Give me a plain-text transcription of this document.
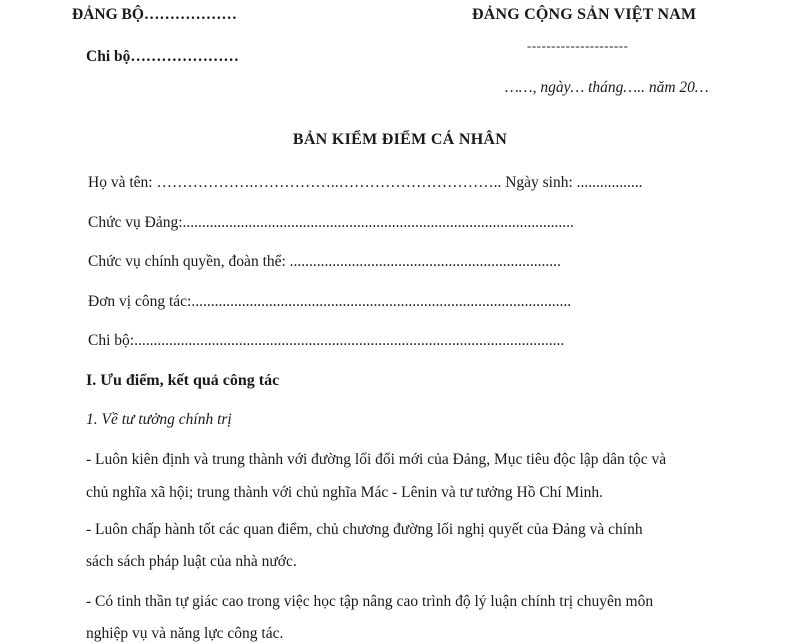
ĐẢNG BỘ………………
Chi bộ…………………
ĐẢNG CỘNG SẢN VIỆT NAM
---------------------
……, ngày… tháng….. năm 20…
BẢN KIỂM ĐIỂM CÁ NHÂN
Họ và tên: ……………….……………..………………………….. Ngày sinh: .................
Chức vụ Đảng:.....................................................................................................
Chức vụ chính quyền, đoàn thể: ......................................................................
Đơn vị công tác:..................................................................................................
Chi bộ:...............................................................................................................
I. Ưu điểm, kết quả công tác
1. Về tư tưởng chính trị
- Luôn kiên định và trung thành với đường lối đổi mới của Đảng, Mục tiêu độc lập dân tộc và
chủ nghĩa xã hội; trung thành với chủ nghĩa Mác - Lênin và tư tưởng Hồ Chí Minh.
- Luôn chấp hành tốt các quan điểm, chủ chương đường lối nghị quyết của Đảng và chính
sách sách pháp luật của nhà nước.
- Có tinh thần tự giác cao trong việc học tập nâng cao trình độ lý luận chính trị chuyên môn
nghiệp vụ và năng lực công tác.
